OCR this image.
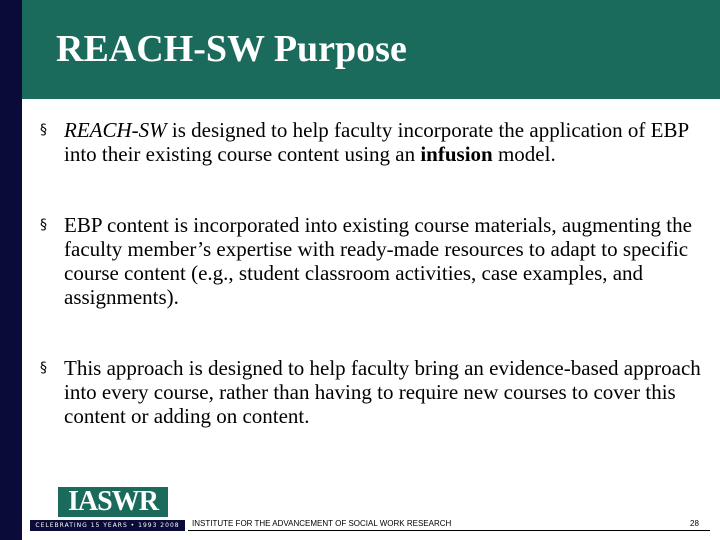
REACH-SW Purpose
§ REACH-SW is designed to help faculty incorporate the application of EBP into their existing course content using an infusion model.
§ EBP content is incorporated into existing course materials, augmenting the faculty member’s expertise with ready-made resources to adapt to specific course content (e.g., student classroom activities, case examples, and assignments).
§ This approach is designed to help faculty bring an evidence-based approach into every course, rather than having to require new courses to cover this content or adding on content.
IASWR
CELEBRATING 15 YEARS • 1993 2008	INSTITUTE FOR THE ADVANCEMENT OF SOCIAL WORK RESEARCH	28
